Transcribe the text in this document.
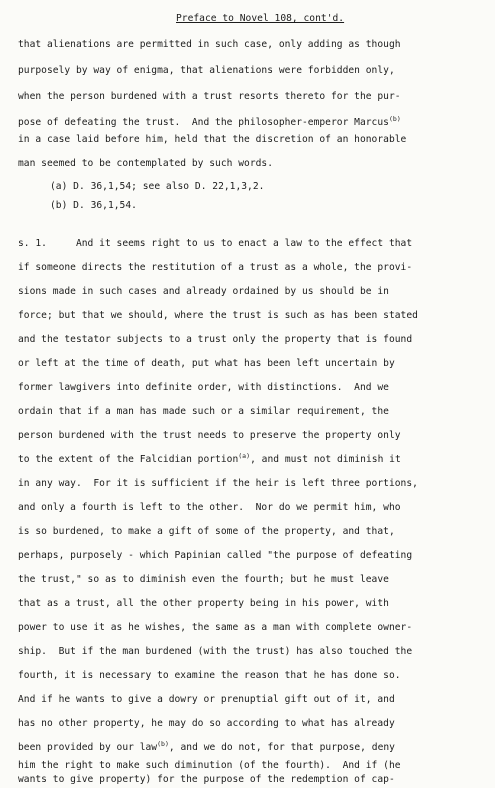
Preface to Novel 108, cont'd.
that alienations are permitted in such case, only adding as though
purposely by way of enigma, that alienations were forbidden only,
when the person burdened with a trust resorts thereto for the pur-
pose of defeating the trust.  And the philosopher-emperor Marcus$^{(b)}$
in a case laid before him, held that the discretion of an honorable
man seemed to be contemplated by such words.
(a) D. 36,1,54; see also D. 22,1,3,2.
(b) D. 36,1,54.
s. 1.     And it seems right to us to enact a law to the effect that
if someone directs the restitution of a trust as a whole, the provi-
sions made in such cases and already ordained by us should be in
force; but that we should, where the trust is such as has been stated
and the testator subjects to a trust only the property that is found
or left at the time of death, put what has been left uncertain by
former lawgivers into definite order, with distinctions.  And we
ordain that if a man has made such or a similar requirement, the
person burdened with the trust needs to preserve the property only
to the extent of the Falcidian portion$^{(a)}$, and must not diminish it
in any way.  For it is sufficient if the heir is left three portions,
and only a fourth is left to the other.  Nor do we permit him, who
is so burdened, to make a gift of some of the property, and that,
perhaps, purposely - which Papinian called "the purpose of defeating
the trust," so as to diminish even the fourth; but he must leave
that as a trust, all the other property being in his power, with
power to use it as he wishes, the same as a man with complete owner-
ship.  But if the man burdened (with the trust) has also touched the
fourth, it is necessary to examine the reason that he has done so.
And if he wants to give a dowry or prenuptial gift out of it, and
has no other property, he may do so according to what has already
been provided by our law$^{(b)}$, and we do not, for that purpose, deny
him the right to make such diminution (of the fourth).  And if (he
wants to give property) for the purpose of the redemption of cap-
